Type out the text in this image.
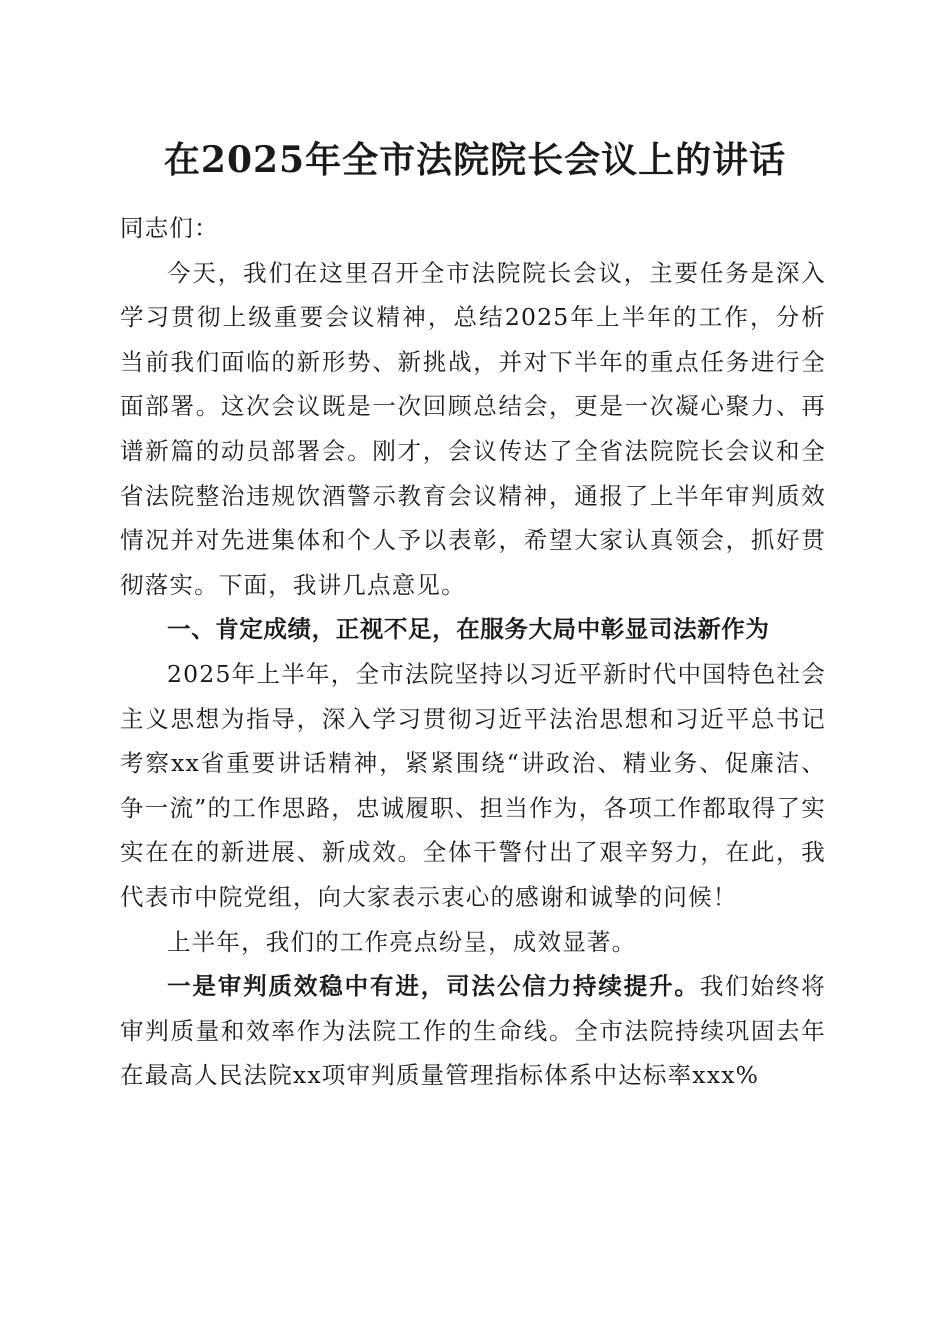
在2025年全市法院院长会议上的讲话

同志们：

今天，我们在这里召开全市法院院长会议，主要任务是深入学习贯彻上级重要会议精神，总结2025年上半年的工作，分析当前我们面临的新形势、新挑战，并对下半年的重点任务进行全面部署。这次会议既是一次回顾总结会，更是一次凝心聚力、再谱新篇的动员部署会。刚才，会议传达了全省法院院长会议和全省法院整治违规饮酒警示教育会议精神，通报了上半年审判质效情况并对先进集体和个人予以表彰，希望大家认真领会，抓好贯彻落实。下面，我讲几点意见。

一、肯定成绩，正视不足，在服务大局中彰显司法新作为

2025年上半年，全市法院坚持以习近平新时代中国特色社会主义思想为指导，深入学习贯彻习近平法治思想和习近平总书记考察xx省重要讲话精神，紧紧围绕“讲政治、精业务、促廉洁、争一流”的工作思路，忠诚履职、担当作为，各项工作都取得了实实在在的新进展、新成效。全体干警付出了艰辛努力，在此，我代表市中院党组，向大家表示衷心的感谢和诚挚的问候！

上半年，我们的工作亮点纷呈，成效显著。

一是审判质效稳中有进，司法公信力持续提升。我们始终将审判质量和效率作为法院工作的生命线。全市法院持续巩固去年在最高人民法院xx项审判质量管理指标体系中达标率xxx%
